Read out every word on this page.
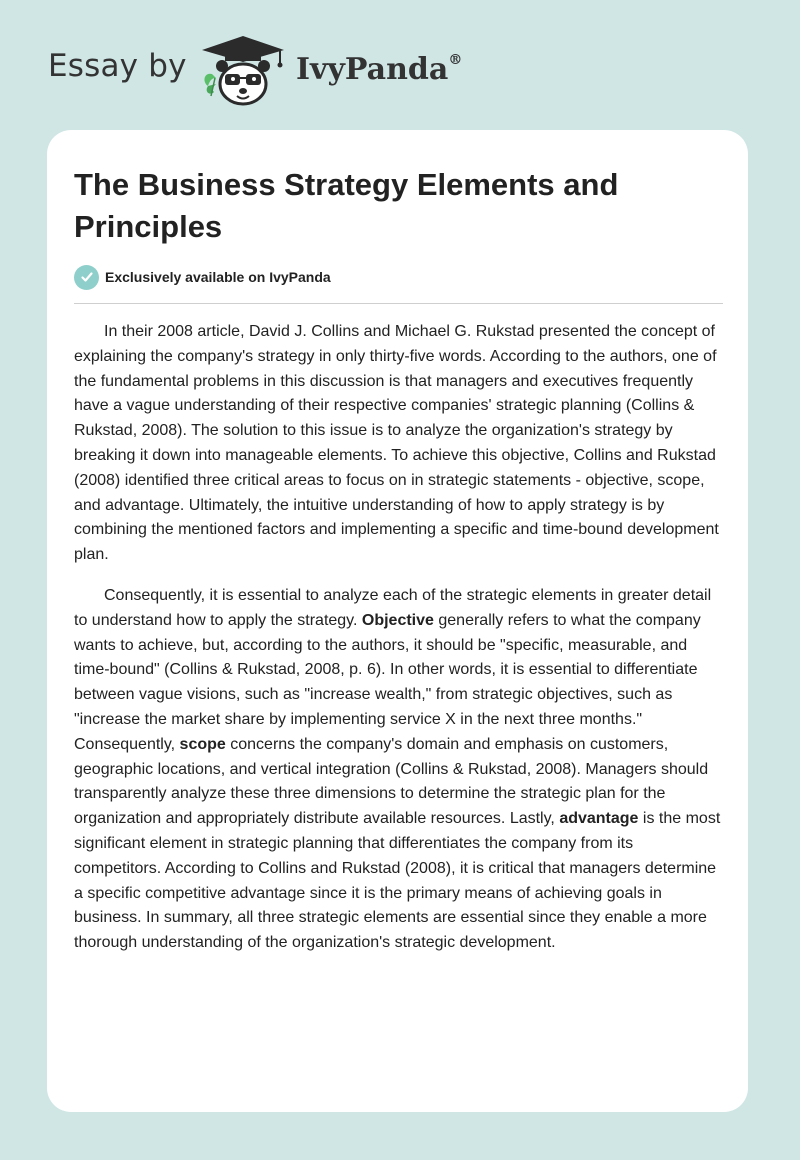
Essay by	IvyPanda®
The Business Strategy Elements and Principles
Exclusively available on IvyPanda

In their 2008 article, David J. Collins and Michael G. Rukstad presented the concept of explaining the company's strategy in only thirty-five words. According to the authors, one of the fundamental problems in this discussion is that managers and executives frequently have a vague understanding of their respective companies' strategic planning (Collins & Rukstad, 2008). The solution to this issue is to analyze the organization's strategy by breaking it down into manageable elements. To achieve this objective, Collins and Rukstad (2008) identified three critical areas to focus on in strategic statements - objective, scope, and advantage. Ultimately, the intuitive understanding of how to apply strategy is by combining the mentioned factors and implementing a specific and time-bound development plan.

Consequently, it is essential to analyze each of the strategic elements in greater detail to understand how to apply the strategy. Objective generally refers to what the company wants to achieve, but, according to the authors, it should be "specific, measurable, and time-bound" (Collins & Rukstad, 2008, p. 6). In other words, it is essential to differentiate between vague visions, such as "increase wealth," from strategic objectives, such as "increase the market share by implementing service X in the next three months." Consequently, scope concerns the company's domain and emphasis on customers, geographic locations, and vertical integration (Collins & Rukstad, 2008). Managers should transparently analyze these three dimensions to determine the strategic plan for the organization and appropriately distribute available resources. Lastly, advantage is the most significant element in strategic planning that differentiates the company from its competitors. According to Collins and Rukstad (2008), it is critical that managers determine a specific competitive advantage since it is the primary means of achieving goals in business. In summary, all three strategic elements are essential since they enable a more thorough understanding of the organization's strategic development.
